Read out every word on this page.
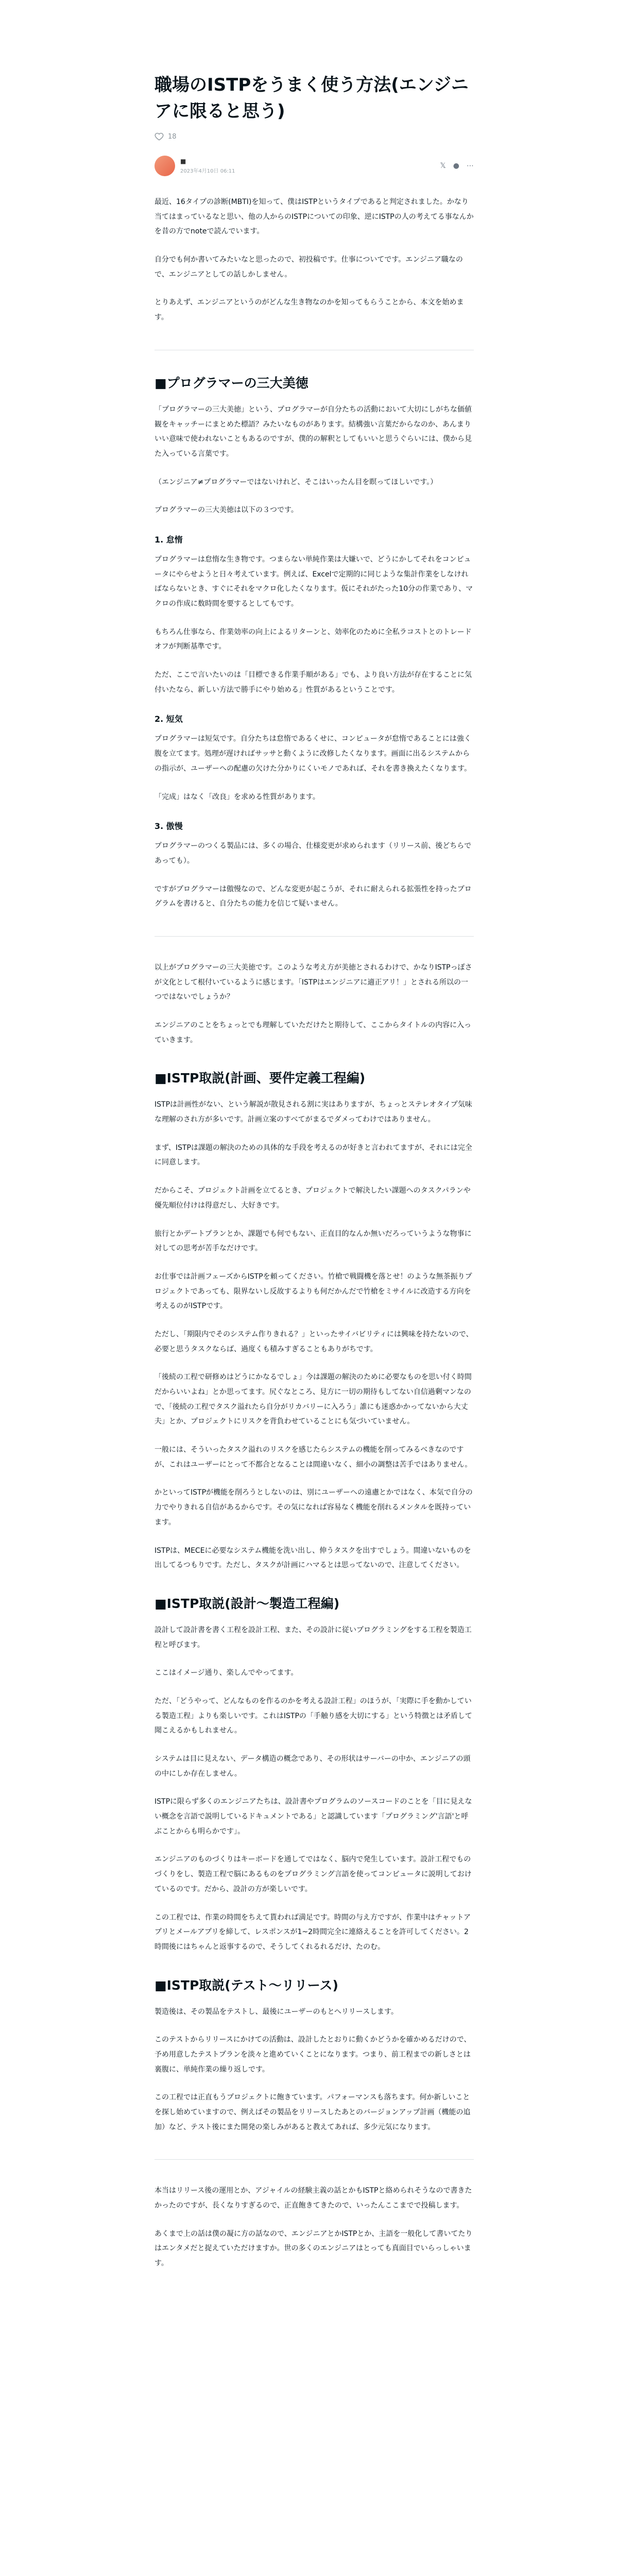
職場のISTPをうまく使う方法(エンジニアに限ると思う)
18
■
2023年4月10日 06:11
𝕏 ● ⋯

最近、16タイプの診断(MBTI)を知って、僕はISTPというタイプであると判定されました。かなり当てはまっているなと思い、他の人からのISTPについての印象、逆にISTPの人の考えてる事なんかを昔の方でnoteで読んでいます。

自分でも何か書いてみたいなと思ったので、初投稿です。仕事についてです。エンジニア職なので、エンジニアとしての話しかしません。

とりあえず、エンジニアというのがどんな生き物なのかを知ってもらうことから、本文を始めます。

■プログラマーの三大美徳

「プログラマーの三大美徳」という、プログラマーが自分たちの活動において大切にしがちな価値観をキャッチーにまとめた標語？みたいなものがあります。結構強い言葉だからなのか、あんまりいい意味で使われないこともあるのですが、僕的の解釈としてもいいと思うぐらいには、僕から見た入っている言葉です。

（エンジニア≠プログラマーではないけれど、そこはいったん目を瞑ってほしいです。）

プログラマーの三大美徳は以下の３つです。

1. 怠惰

プログラマーは怠惰な生き物です。つまらない単純作業は大嫌いで、どうにかしてそれをコンピュータにやらせようと日々考えています。例えば、Excelで定期的に同じような集計作業をしなければならないとき、すぐにそれをマクロ化したくなります。仮にそれがたった10分の作業であり、マクロの作成に数時間を要するとしてもです。

もちろん仕事なら、作業効率の向上によるリターンと、効率化のために全私ラコストとのトレードオフが判断基準です。

ただ、ここで言いたいのは「目標できる作業手順がある」でも、より良い方法が存在することに気付いたなら、新しい方法で勝手にやり始める」性質があるということです。

2. 短気

プログラマーは短気です。自分たちは怠惰であるくせに、コンピュータが怠惰であることには強く腹を立てます。処理が遅ければサッサと動くように改修したくなります。画面に出るシステムからの指示が、ユーザーへの配慮の欠けた分かりにくいモノであれば、それを書き換えたくなります。

「完成」はなく「改良」を求める性質があります。

3. 傲慢

プログラマーのつくる製品には、多くの場合、仕様変更が求められます（リリース前、後どちらであっても）。

ですがプログラマーは傲慢なので、どんな変更が起こうが、それに耐えられる拡張性を持ったプログラムを書けると、自分たちの能力を信じて疑いません。

以上がプログラマーの三大美徳です。このような考え方が美徳とされるわけで、かなりISTPっぽさが文化として根付いているように感じます。「ISTPはエンジニアに適正アリ！」とされる所以の一つではないでしょうか？

エンジニアのことをちょっとでも理解していただけたと期待して、ここからタイトルの内容に入っていきます。

■ISTP取説(計画、要件定義工程編)

ISTPは計画性がない、という解説が散見される割に実はありますが、ちょっとステレオタイプ気味な理解のされ方が多いです。計画立案のすべてがまるでダメってわけではありません。

まず、ISTPは課題の解決のための具体的な手段を考えるのが好きと言われてますが、それには完全に同意します。

だからこそ、プロジェクト計画を立てるとき、プロジェクトで解決したい課題へのタスクパランや優先順位付けは得意だし、大好きです。

旅行とかデートプランとか、課題でも何でもない、正直目的なんか無いだろっていうような物事に対しての思考が苦手なだけです。

お仕事では計画フェーズからISTPを頼ってください。竹槍で戦闘機を落とせ！のような無茶振りプロジェクトであっても、限界ないし反故するよりも何だかんだで竹槍をミサイルに改造する方向を考えるのがISTPです。

ただし、「期限内でそのシステム作りきれる？」といったサイバビリティには興味を持たないので、必要と思うタスクならば、過度くも積みすぎることもありがちです。

「後続の工程で研修めはどうにかなるでしょ」今は課題の解決のために必要なものを思い付く時間だからいいよね」とか思ってます。尻ぐなところ、見方に一切の期待もしてない自信過剰マンなので、「後続の工程でタスク溢れたら自分がリカバリーに入ろう」誰にも迷惑かかってないから大丈夫」とか、プロジェクトにリスクを背負わせていることにも気づいていません。

一般には、そういったタスク溢れのリスクを感じたらシステムの機能を削ってみるべきなのですが、これはユーザーにとって不都合となることは間違いなく、細小の調整は苦手ではありません。

かといってISTPが機能を削ろうとしないのは、別にユーザーへの遠慮とかではなく、本気で自分の力でやりきれる自信があるからです。その気になれば容易なく機能を削れるメンタルを既持っています。

ISTPは、MECEに必要なシステム機能を洗い出し、伸うタスクを出すでしょう。間違いないものを出してるつもりです。ただし、タスクが計画にハマるとは思ってないので、注意してください。

■ISTP取説(設計～製造工程編)

設計して設計書を書く工程を設計工程、また、その設計に従いプログラミングをする工程を製造工程と呼びます。

ここはイメージ通り、楽しんでやってます。

ただ、「どうやって、どんなものを作るのかを考える設計工程」のほうが、「実際に手を動かしている製造工程」よりも楽しいです。これはISTPの「手触り感を大切にする」という特徴とは矛盾して聞こえるかもしれません。

システムは目に見えない、データ構造の概念であり、その形状はサーバーの中か、エンジニアの頭の中にしか存在しません。

ISTPに限らず多くのエンジニアたちは、設計書やプログラムのソースコードのことを「目に見えない概念を言語で説明しているドキュメントである」と認識しています「プログラミング'言語'と呼ぶことからも明らかです」。

エンジニアのものづくりはキーボードを通してではなく、脳内で発生しています。設計工程でものづくりをし、製造工程で脳にあるものをプログラミング言語を使ってコンピュータに説明しておけているのです。だから、設計の方が楽しいです。

この工程では、作業の時間をちえて貰われば満足です。時間の与え方ですが、作業中はチャットアプリとメールアプリを締して、レスポンスが1~2時間完全に連絡えることを許可してください。2時間後にはちゃんと返事するので、そうしてくれるれるだけ、たのむ。

■ISTP取説(テスト～リリース)

製造後は、その製品をテストし、最後にユーザーのもとへリリースします。

このテストからリリースにかけての活動は、設計したとおりに動くかどうかを確かめるだけので、予め用意したテストプランを淡々と進めていくことになります。つまり、前工程までの新しさとは裏腹に、単純作業の繰り返しです。

この工程では正直もうプロジェクトに飽きています。パフォーマンスも落ちます。何か新しいことを探し始めていますので、例えばその製品をリリースしたあとのバージョンアップ計画（機能の追加）など、テスト後にまた開発の楽しみがあると教えてあれば、多少元気になります。

本当はリリース後の運用とか、アジャイルの経験主義の話とかもISTPと絡められそうなので書きたかったのですが、長くなりすぎるので、正直飽きてきたので、いったんここまでで投稿します。

あくまで上の話は僕の凝に方の話なので、エンジニアとかISTPとか、主語を一般化して書いてたりはエンタメだと捉えていただけますか。世の多くのエンジニアはとっても真面目でいらっしゃいます。
